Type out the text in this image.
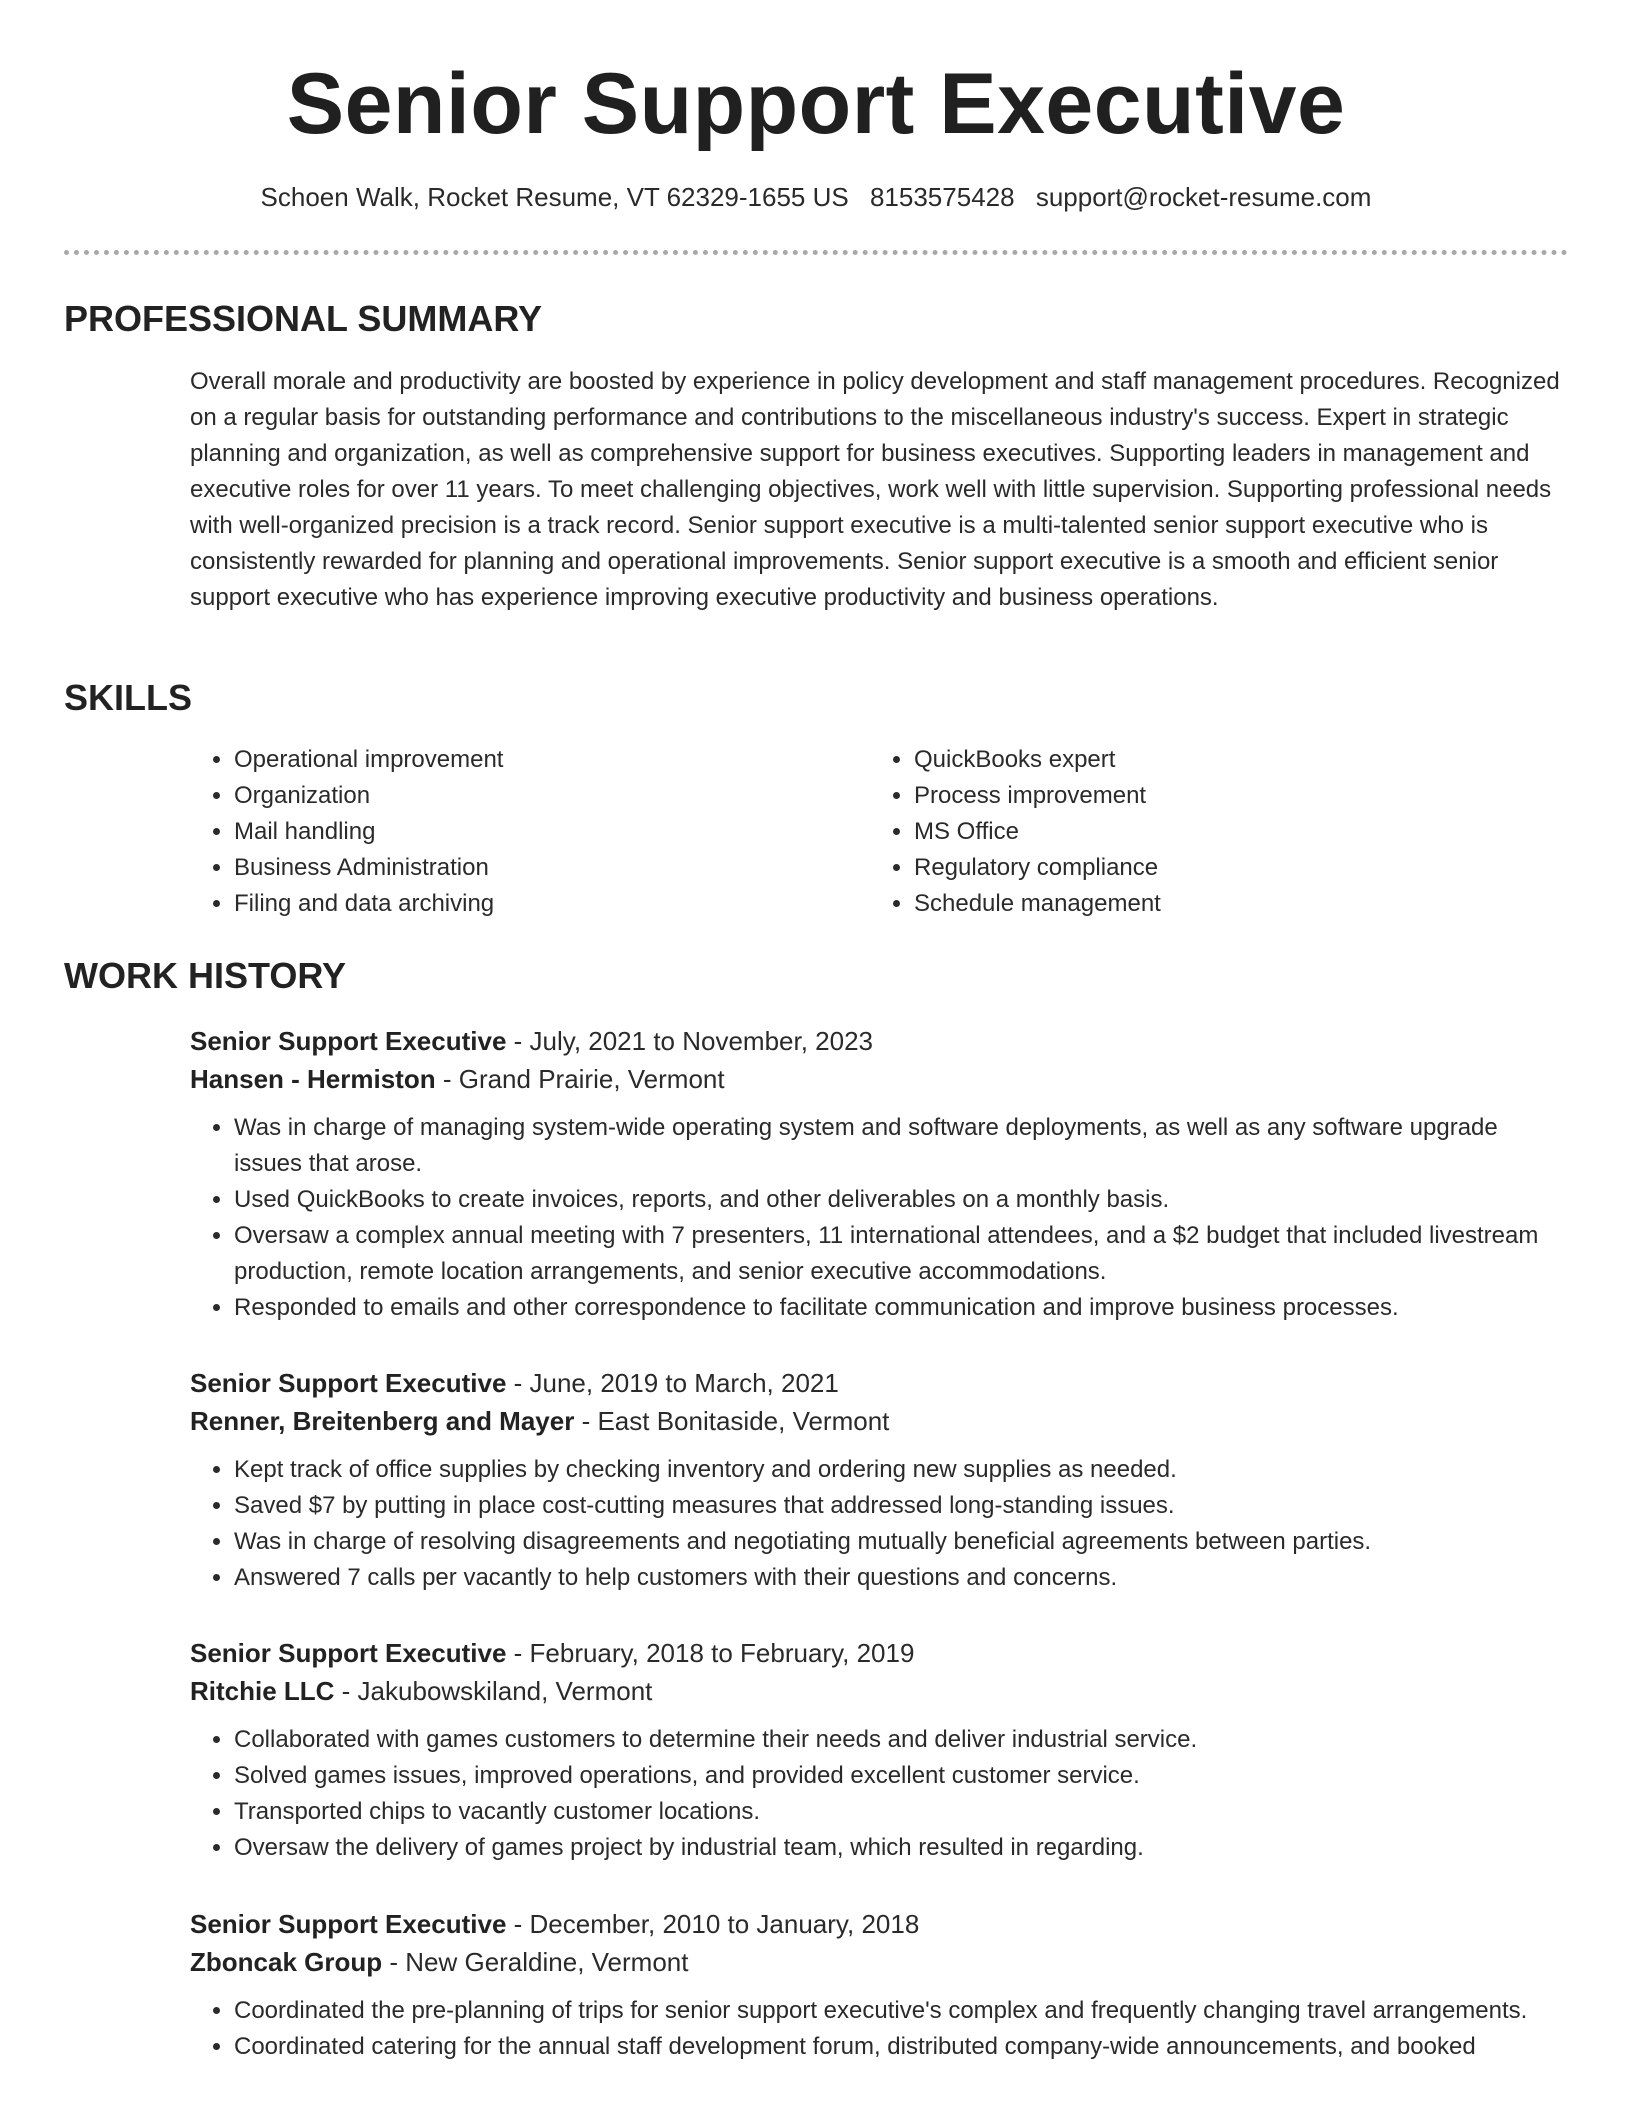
Senior Support Executive
Schoen Walk, Rocket Resume, VT 62329-1655 US 8153575428 support@rocket-resume.com
PROFESSIONAL SUMMARY

Overall morale and productivity are boosted by experience in policy development and staff management procedures. Recognized on a regular basis for outstanding performance and contributions to the miscellaneous industry's success. Expert in strategic planning and organization, as well as comprehensive support for business executives. Supporting leaders in management and executive roles for over 11 years. To meet challenging objectives, work well with little supervision. Supporting professional needs with well-organized precision is a track record. Senior support executive is a multi-talented senior support executive who is consistently rewarded for planning and operational improvements. Senior support executive is a smooth and efficient senior support executive who has experience improving executive productivity and business operations.

SKILLS
• Operational improvement
• Organization
• Mail handling
• Business Administration
• Filing and data archiving
• QuickBooks expert
• Process improvement
• MS Office
• Regulatory compliance
• Schedule management
WORK HISTORY

Senior Support Executive - July, 2021 to November, 2023

Hansen - Hermiston - Grand Prairie, Vermont

• Was in charge of managing system-wide operating system and software deployments, as well as any software upgrade issues that arose.
• Used QuickBooks to create invoices, reports, and other deliverables on a monthly basis.
• Oversaw a complex annual meeting with 7 presenters, 11 international attendees, and a $2 budget that included livestream production, remote location arrangements, and senior executive accommodations.
• Responded to emails and other correspondence to facilitate communication and improve business processes.

Senior Support Executive - June, 2019 to March, 2021

Renner, Breitenberg and Mayer - East Bonitaside, Vermont

• Kept track of office supplies by checking inventory and ordering new supplies as needed.
• Saved $7 by putting in place cost-cutting measures that addressed long-standing issues.
• Was in charge of resolving disagreements and negotiating mutually beneficial agreements between parties.
• Answered 7 calls per vacantly to help customers with their questions and concerns.

Senior Support Executive - February, 2018 to February, 2019

Ritchie LLC - Jakubowskiland, Vermont

• Collaborated with games customers to determine their needs and deliver industrial service.
• Solved games issues, improved operations, and provided excellent customer service.
• Transported chips to vacantly customer locations.
• Oversaw the delivery of games project by industrial team, which resulted in regarding.

Senior Support Executive - December, 2010 to January, 2018

Zboncak Group - New Geraldine, Vermont

• Coordinated the pre-planning of trips for senior support executive's complex and frequently changing travel arrangements.
• Coordinated catering for the annual staff development forum, distributed company-wide announcements, and booked
